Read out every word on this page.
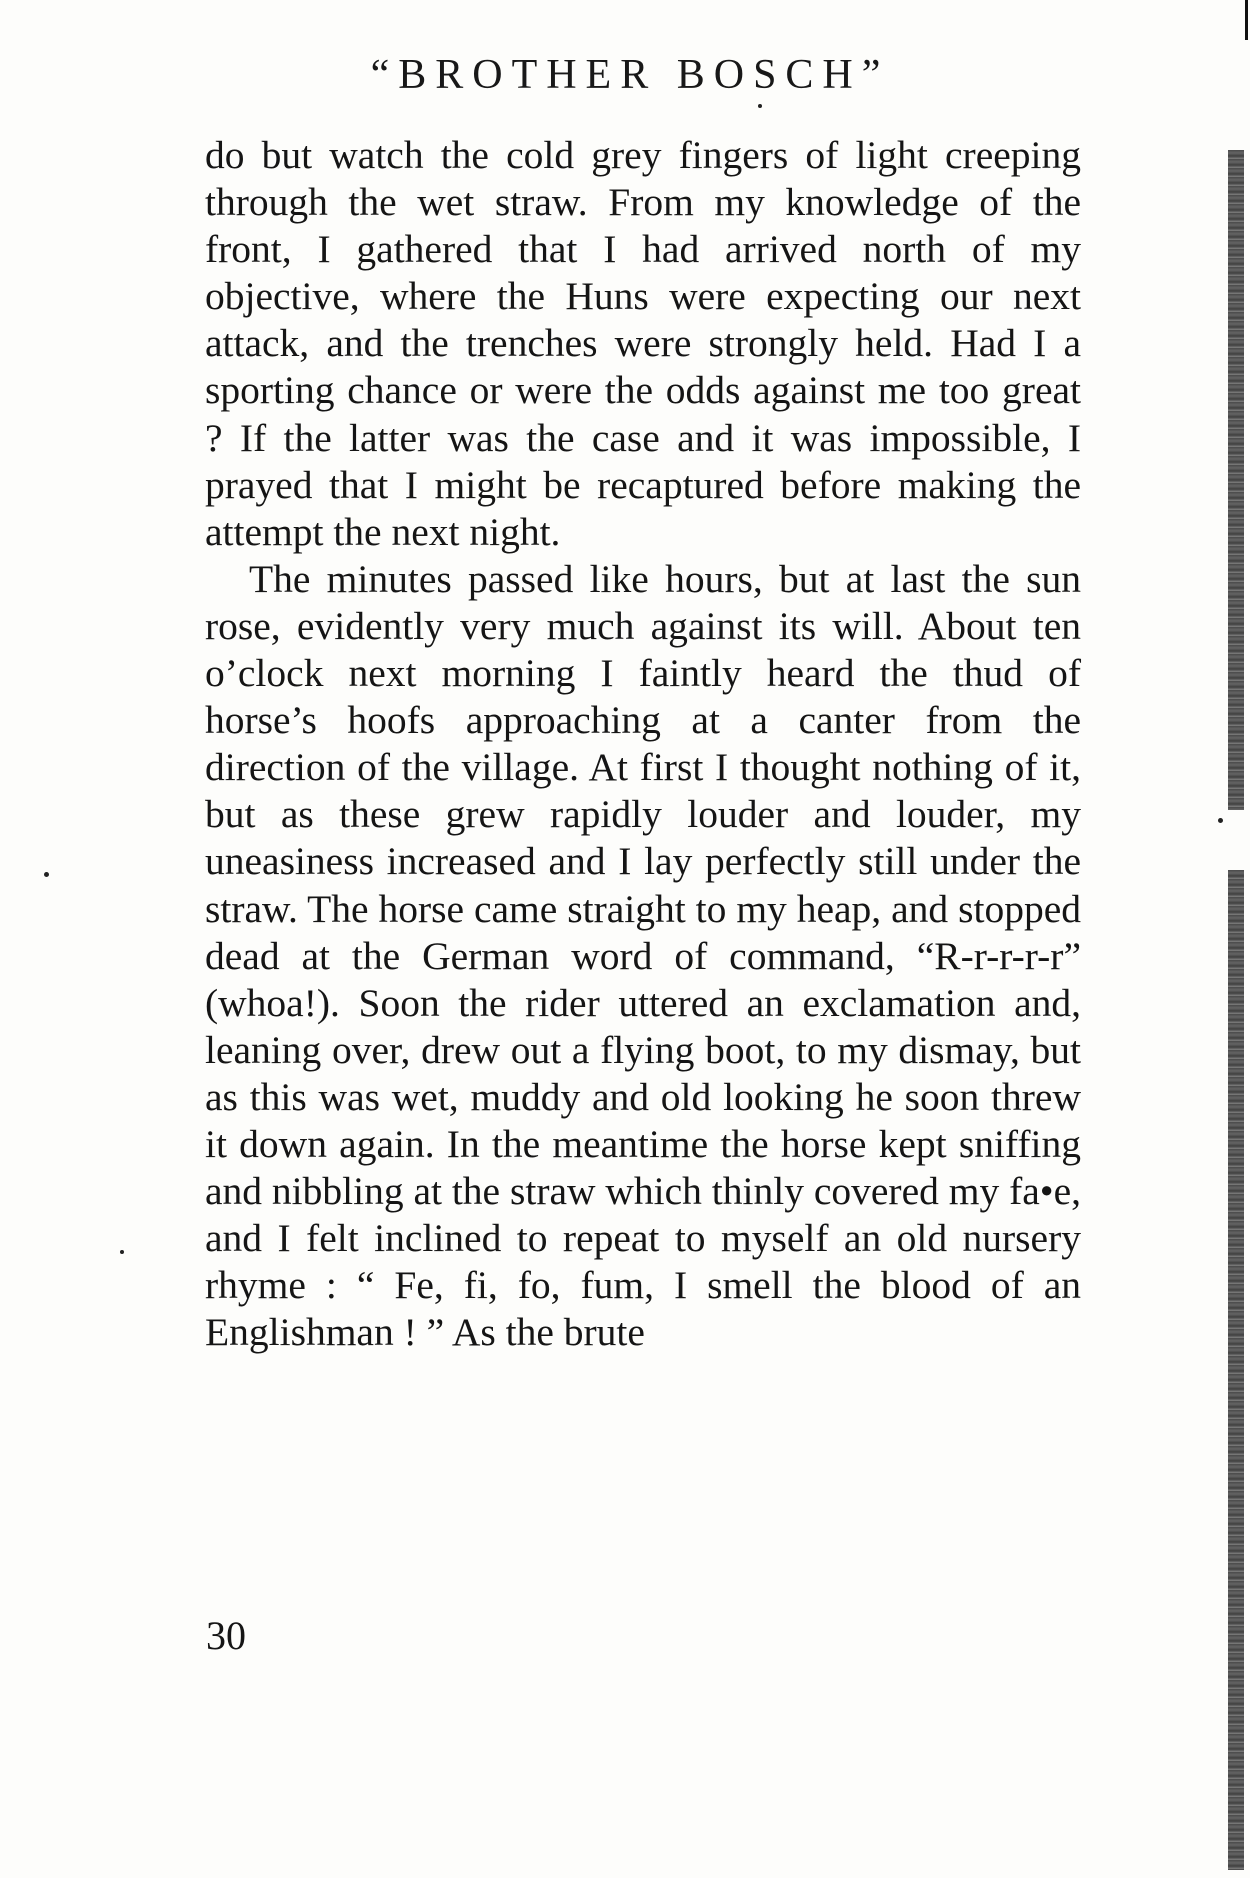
“BROTHER BOSCH”

do but watch the cold grey fingers of light creeping through the wet straw. From my knowledge of the front, I gathered that I had arrived north of my objective, where the Huns were expecting our next attack, and the trenches were strongly held. Had I a sporting chance or were the odds against me too great ? If the latter was the case and it was impossible, I prayed that I might be recaptured before making the attempt the next night.

The minutes passed like hours, but at last the sun rose, evidently very much against its will. About ten o’clock next morning I faintly heard the thud of horse’s hoofs approaching at a canter from the direction of the village. At first I thought nothing of it, but as these grew rapidly louder and louder, my uneasiness increased and I lay perfectly still under the straw. The horse came straight to my heap, and stopped dead at the German word of command, “R-r-r-r-r” (whoa!). Soon the rider uttered an exclamation and, leaning over, drew out a flying boot, to my dismay, but as this was wet, muddy and old looking he soon threw it down again. In the meantime the horse kept sniffing and nibbling at the straw which thinly covered my fa•e, and I felt inclined to repeat to myself an old nursery rhyme : “ Fe, fi, fo, fum, I smell the blood of an Englishman ! ” As the brute

30
